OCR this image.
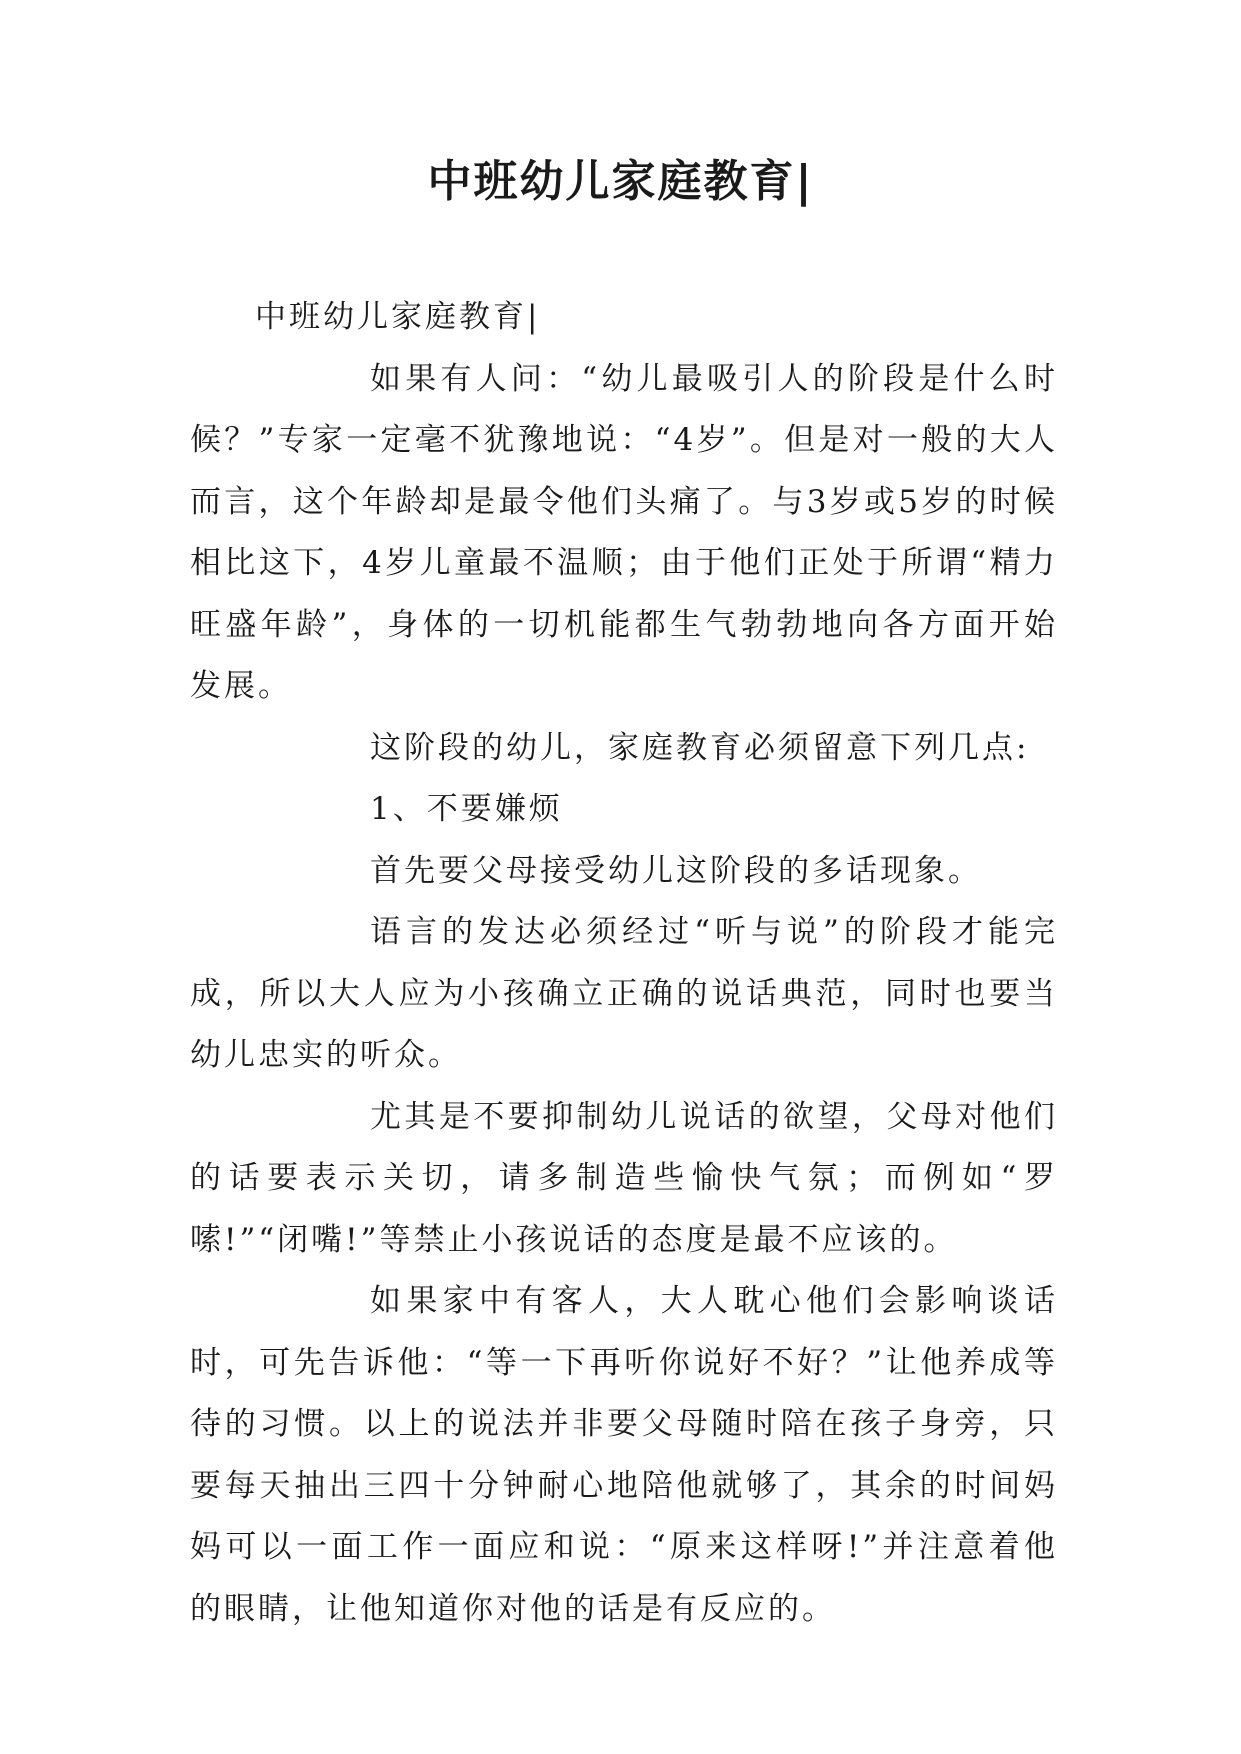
中班幼儿家庭教育|

中班幼儿家庭教育|

如果有人问：“幼儿最吸引人的阶段是什么时候？”专家一定毫不犹豫地说：“4岁”。但是对一般的大人而言，这个年龄却是最令他们头痛了。与3岁或5岁的时候相比这下，4岁儿童最不温顺；由于他们正处于所谓“精力旺盛年龄”，身体的一切机能都生气勃勃地向各方面开始发展。

这阶段的幼儿，家庭教育必须留意下列几点:

1、不要嫌烦

首先要父母接受幼儿这阶段的多话现象。

语言的发达必须经过“听与说”的阶段才能完成，所以大人应为小孩确立正确的说话典范，同时也要当幼儿忠实的听众。

尤其是不要抑制幼儿说话的欲望，父母对他们的话要表示关切，请多制造些愉快气氛；而例如“罗嗦!”“闭嘴!”等禁止小孩说话的态度是最不应该的。

如果家中有客人，大人耽心他们会影响谈话时，可先告诉他：“等一下再听你说好不好？”让他养成等待的习惯。以上的说法并非要父母随时陪在孩子身旁，只要每天抽出三四十分钟耐心地陪他就够了，其余的时间妈妈可以一面工作一面应和说：“原来这样呀!”并注意着他的眼睛，让他知道你对他的话是有反应的。
